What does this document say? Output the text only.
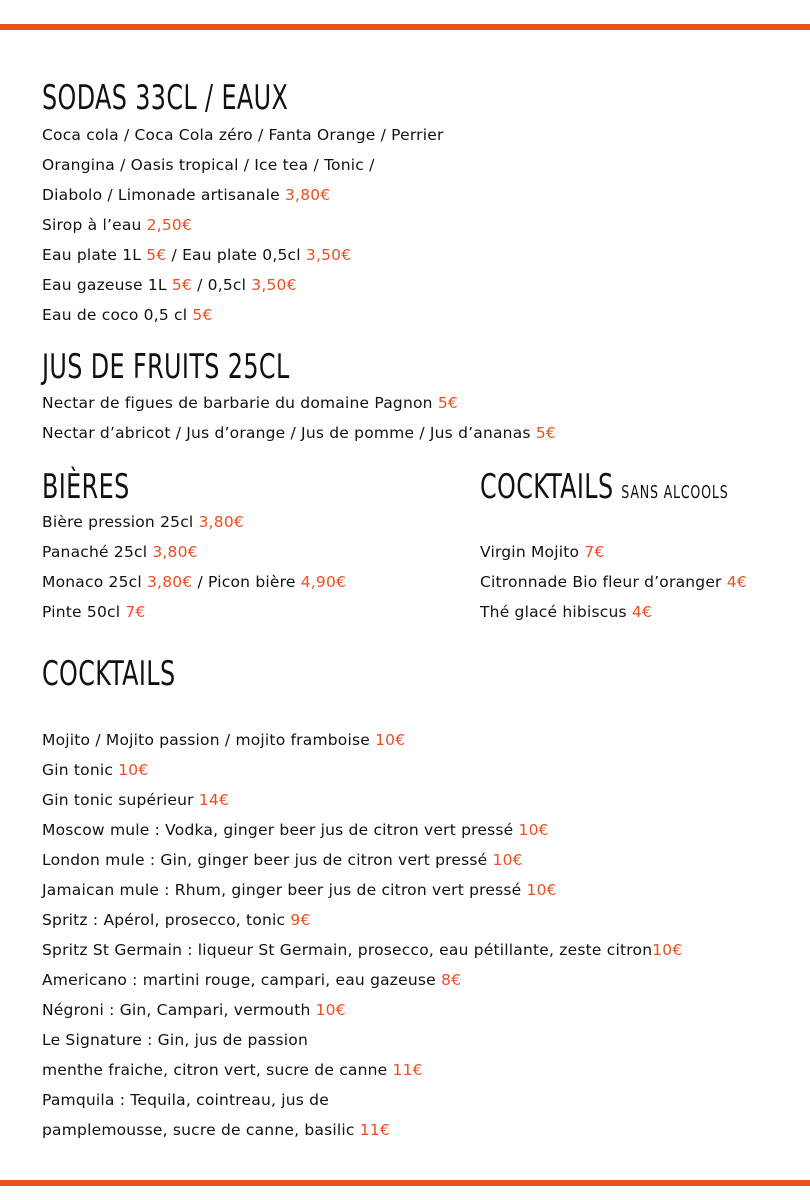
SODAS 33CL / EAUX
Coca cola / Coca Cola zéro / Fanta Orange / Perrier
Orangina / Oasis tropical / Ice tea / Tonic /
Diabolo / Limonade artisanale 3,80€
Sirop à l’eau 2,50€
Eau plate 1L 5€ / Eau plate 0,5cl 3,50€
Eau gazeuse 1L 5€ / 0,5cl 3,50€
Eau de coco 0,5 cl 5€
JUS DE FRUITS 25CL
Nectar de figues de barbarie du domaine Pagnon 5€
Nectar d’abricot / Jus d’orange / Jus de pomme / Jus d’ananas 5€
BIÈRES
Bière pression 25cl 3,80€
Panaché 25cl 3,80€
Monaco 25cl 3,80€ / Picon bière 4,90€
Pinte 50cl 7€
COCKTAILS SANS ALCOOLS
Virgin Mojito 7€
Citronnade Bio fleur d’oranger 4€
Thé glacé hibiscus 4€
COCKTAILS
Mojito / Mojito passion / mojito framboise 10€
Gin tonic 10€
Gin tonic supérieur 14€
Moscow mule : Vodka, ginger beer jus de citron vert pressé 10€
London mule : Gin, ginger beer jus de citron vert pressé 10€
Jamaican mule : Rhum, ginger beer jus de citron vert pressé 10€
Spritz : Apérol, prosecco, tonic 9€
Spritz St Germain : liqueur St Germain, prosecco, eau pétillante, zeste citron10€
Americano : martini rouge, campari, eau gazeuse 8€
Négroni : Gin, Campari, vermouth 10€
Le Signature : Gin, jus de passion
menthe fraiche, citron vert, sucre de canne 11€
Pamquila : Tequila, cointreau, jus de
pamplemousse, sucre de canne, basilic 11€
